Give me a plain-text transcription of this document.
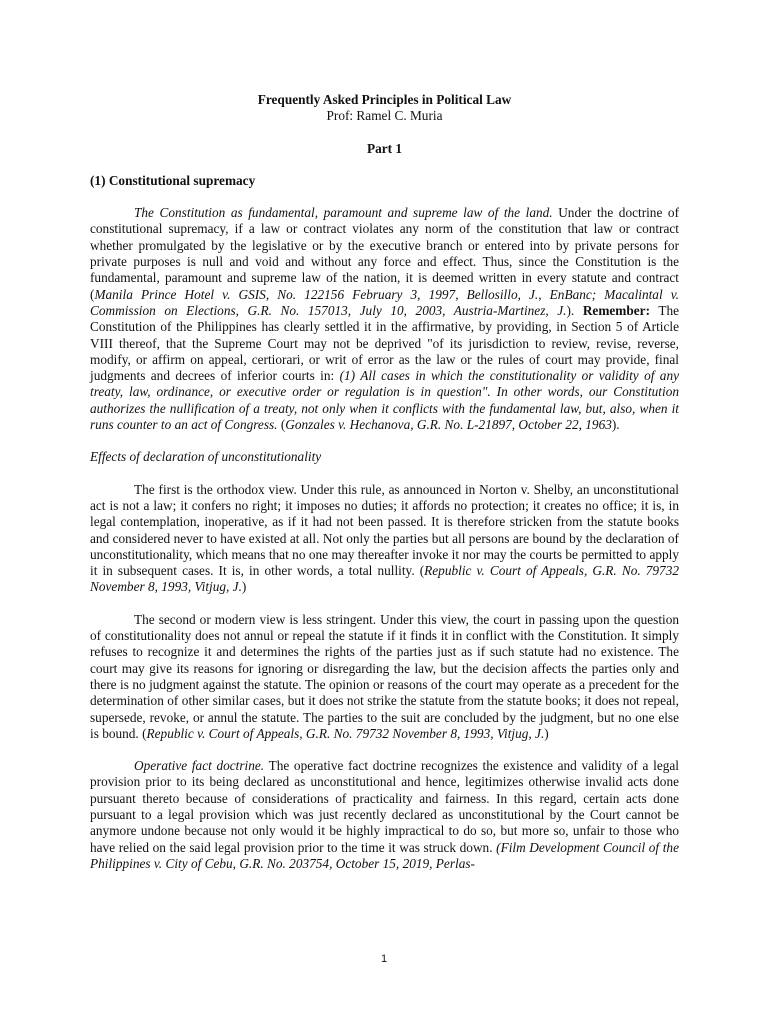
Frequently Asked Principles in Political Law
Prof: Ramel C. Muria
Part 1
(1) Constitutional supremacy

The Constitution as fundamental, paramount and supreme law of the land. Under the doctrine of constitutional supremacy, if a law or contract violates any norm of the constitution that law or contract whether promulgated by the legislative or by the executive branch or entered into by private persons for private purposes is null and void and without any force and effect. Thus, since the Constitution is the fundamental, paramount and supreme law of the nation, it is deemed written in every statute and contract (Manila Prince Hotel v. GSIS, No. 122156 February 3, 1997, Bellosillo, J., EnBanc; Macalintal v. Commission on Elections, G.R. No. 157013, July 10, 2003, Austria-Martinez, J.). Remember: The Constitution of the Philippines has clearly settled it in the affirmative, by providing, in Section 5 of Article VIII thereof, that the Supreme Court may not be deprived "of its jurisdiction to review, revise, reverse, modify, or affirm on appeal, certiorari, or writ of error as the law or the rules of court may provide, final judgments and decrees of inferior courts in: (1) All cases in which the constitutionality or validity of any treaty, law, ordinance, or executive order or regulation is in question". In other words, our Constitution authorizes the nullification of a treaty, not only when it conflicts with the fundamental law, but, also, when it runs counter to an act of Congress. (Gonzales v. Hechanova, G.R. No. L-21897, October 22, 1963).

Effects of declaration of unconstitutionality

The first is the orthodox view. Under this rule, as announced in Norton v. Shelby, an unconstitutional act is not a law; it confers no right; it imposes no duties; it affords no protection; it creates no office; it is, in legal contemplation, inoperative, as if it had not been passed. It is therefore stricken from the statute books and considered never to have existed at all. Not only the parties but all persons are bound by the declaration of unconstitutionality, which means that no one may thereafter invoke it nor may the courts be permitted to apply it in subsequent cases. It is, in other words, a total nullity. (Republic v. Court of Appeals, G.R. No. 79732 November 8, 1993, Vitjug, J.)

The second or modern view is less stringent. Under this view, the court in passing upon the question of constitutionality does not annul or repeal the statute if it finds it in conflict with the Constitution. It simply refuses to recognize it and determines the rights of the parties just as if such statute had no existence. The court may give its reasons for ignoring or disregarding the law, but the decision affects the parties only and there is no judgment against the statute. The opinion or reasons of the court may operate as a precedent for the determination of other similar cases, but it does not strike the statute from the statute books; it does not repeal, supersede, revoke, or annul the statute. The parties to the suit are concluded by the judgment, but no one else is bound. (Republic v. Court of Appeals, G.R. No. 79732 November 8, 1993, Vitjug, J.)

Operative fact doctrine. The operative fact doctrine recognizes the existence and validity of a legal provision prior to its being declared as unconstitutional and hence, legitimizes otherwise invalid acts done pursuant thereto because of considerations of practicality and fairness. In this regard, certain acts done pursuant to a legal provision which was just recently declared as unconstitutional by the Court cannot be anymore undone because not only would it be highly impractical to do so, but more so, unfair to those who have relied on the said legal provision prior to the time it was struck down. (Film Development Council of the Philippines v. City of Cebu, G.R. No. 203754, October 15, 2019, Perlas-

1
